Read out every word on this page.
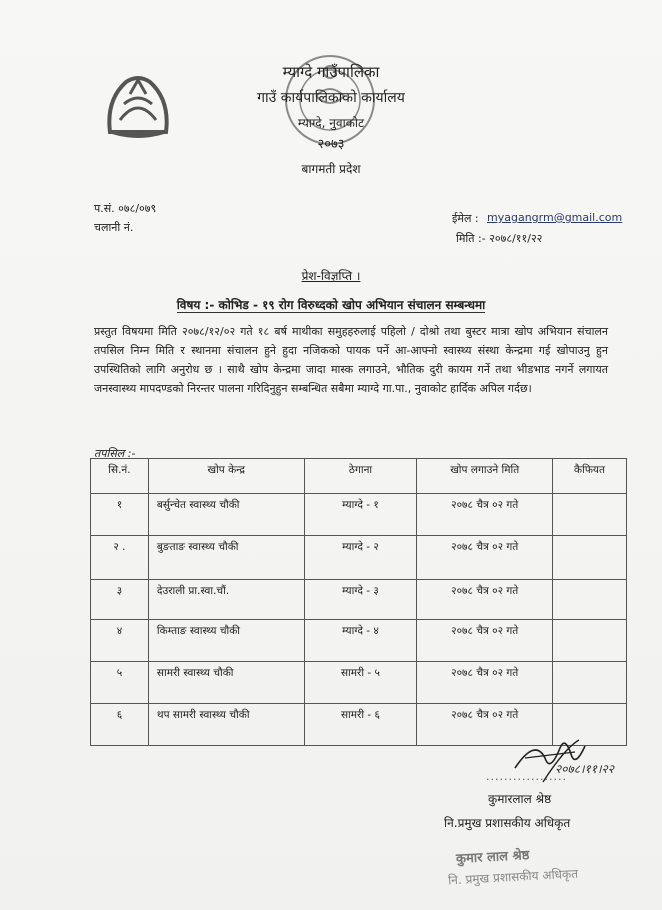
म्याग्दे गाउँपालिका
गाउँ कार्यपालिकाको कार्यालय
म्याग्दे, नुवाकोट
२०७३
बागमती प्रदेश
प.सं. ०७८/०७९
चलानी नं.
ईमेल : myagangrm@gmail.com
मिति :- २०७८/११/२२
प्रेश-विज्ञप्ति ।
विषय :- कोभिड - १९ रोग विरुध्दको खोप अभियान संचालन सम्बन्धमा
प्रस्तुत विषयमा मिति २०७८/१२/०२ गते १८ बर्ष माथीका समुहहरुलाई पहिलो / दोश्रो तथा बुस्टर मात्रा खोप अभियान संचालन तपसिल निम्न मिति र स्थानमा संचालन हुने हुदा नजिकको पायक पर्ने आ-आफ्नो स्वास्थ्य संस्था केन्द्रमा गई खोपाउनु हुन उपस्थितिको लागि अनुरोध छ । साथै खोप केन्द्रमा जादा मास्क लगाउने, भौतिक दुरी कायम गर्ने तथा भीडभाड नगर्ने लगायत जनस्वास्थ्य मापदण्डको निरन्तर पालना गरिदिनुहुन सम्बन्धित सबैमा म्याग्दे गा.पा., नुवाकोट हार्दिक अपिल गर्दछ।
तपसिल :-
सि.नं.	खोप केन्द्र	ठेगाना	खोप लगाउने मिति	कैफियत
१	बर्सुन्चेत स्वास्थ्य चौकी	म्याग्दे - १	२०७८ चैत्र ०२ गते	
२ .	बुङताङ स्वास्थ्य चौकी	म्याग्दे - २	२०७८ चैत्र ०२ गते	
३	देउराली प्रा.स्वा.चौं.	म्याग्दे - ३	२०७८ चैत्र ०२ गते	
४	किम्ताङ स्वास्थ्य चौकी	म्याग्दे - ४	२०७८ चैत्र ०२ गते	
५	सामरी स्वास्थ्य चौकी	सामरी - ५	२०७८ चैत्र ०२ गते	
६	थप सामरी स्वास्थ्य चौकी	सामरी - ६	२०७८ चैत्र ०२ गते	
..................
२०७८।११।२२
कुमारलाल श्रेष्ठ
नि.प्रमुख प्रशासकीय अधिकृत
कुमार लाल श्रेष्ठ
नि. प्रमुख प्रशासकीय अधिकृत
